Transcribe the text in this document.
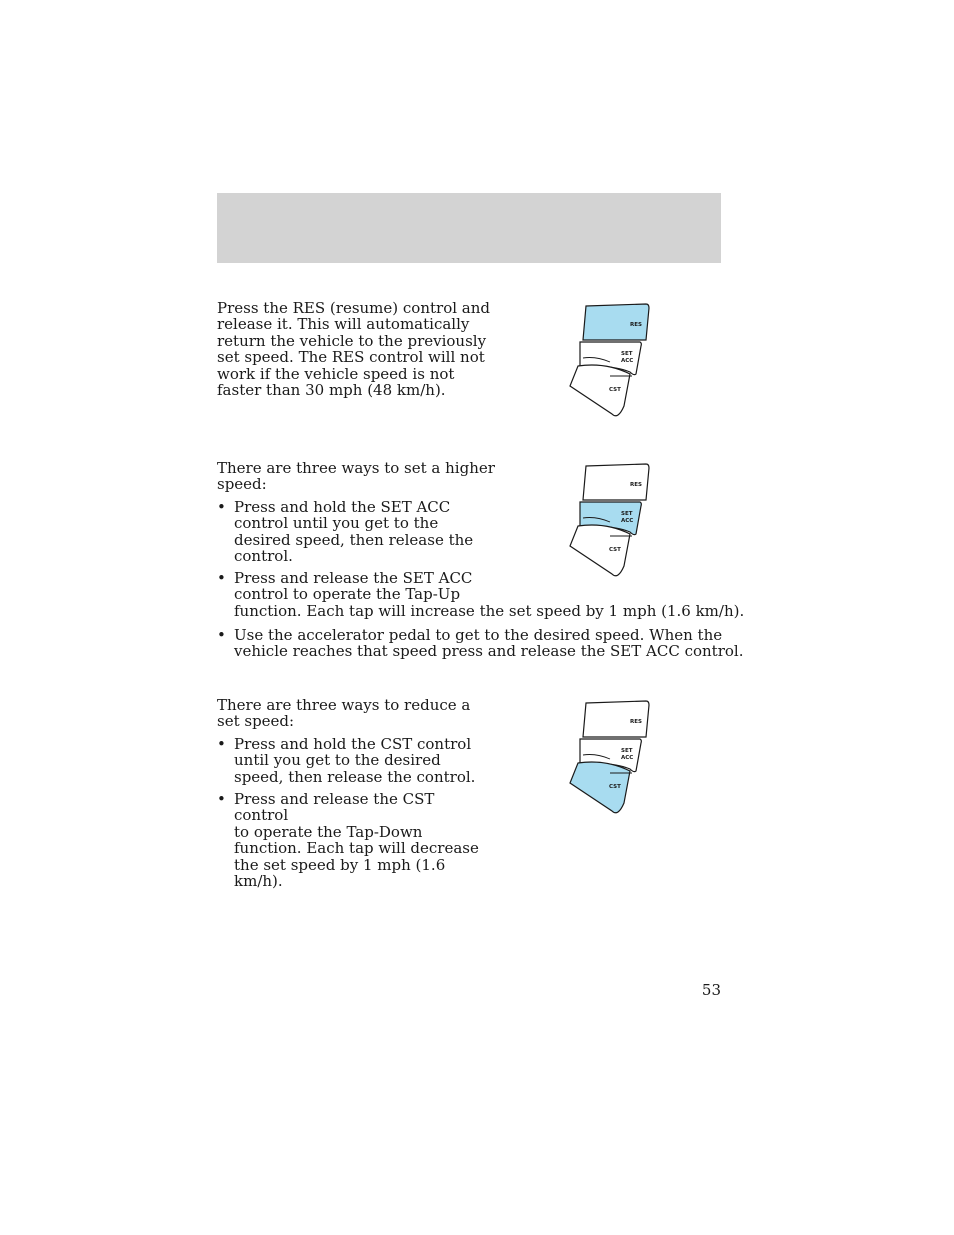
Press the RES (resume) control and
release it. This will automatically
return the vehicle to the previously
set speed. The RES control will not
work if the vehicle speed is not
faster than 30 mph (48 km/h).
RES
SET
ACC
CST
There are three ways to set a higher
speed:
• Press and hold the SET ACC
control until you get to the
desired speed, then release the
control.
• Press and release the SET ACC
control to operate the Tap-Up
function. Each tap will increase the set speed by 1 mph (1.6 km/h).
• Use the accelerator pedal to get to the desired speed. When the
vehicle reaches that speed press and release the SET ACC control.
RES
SET
ACC
CST
There are three ways to reduce a
set speed:
• Press and hold the CST control
until you get to the desired
speed, then release the control.
• Press and release the CST control
to operate the Tap-Down
function. Each tap will decrease
the set speed by 1 mph (1.6 km/h).
RES
SET
ACC
CST
53
